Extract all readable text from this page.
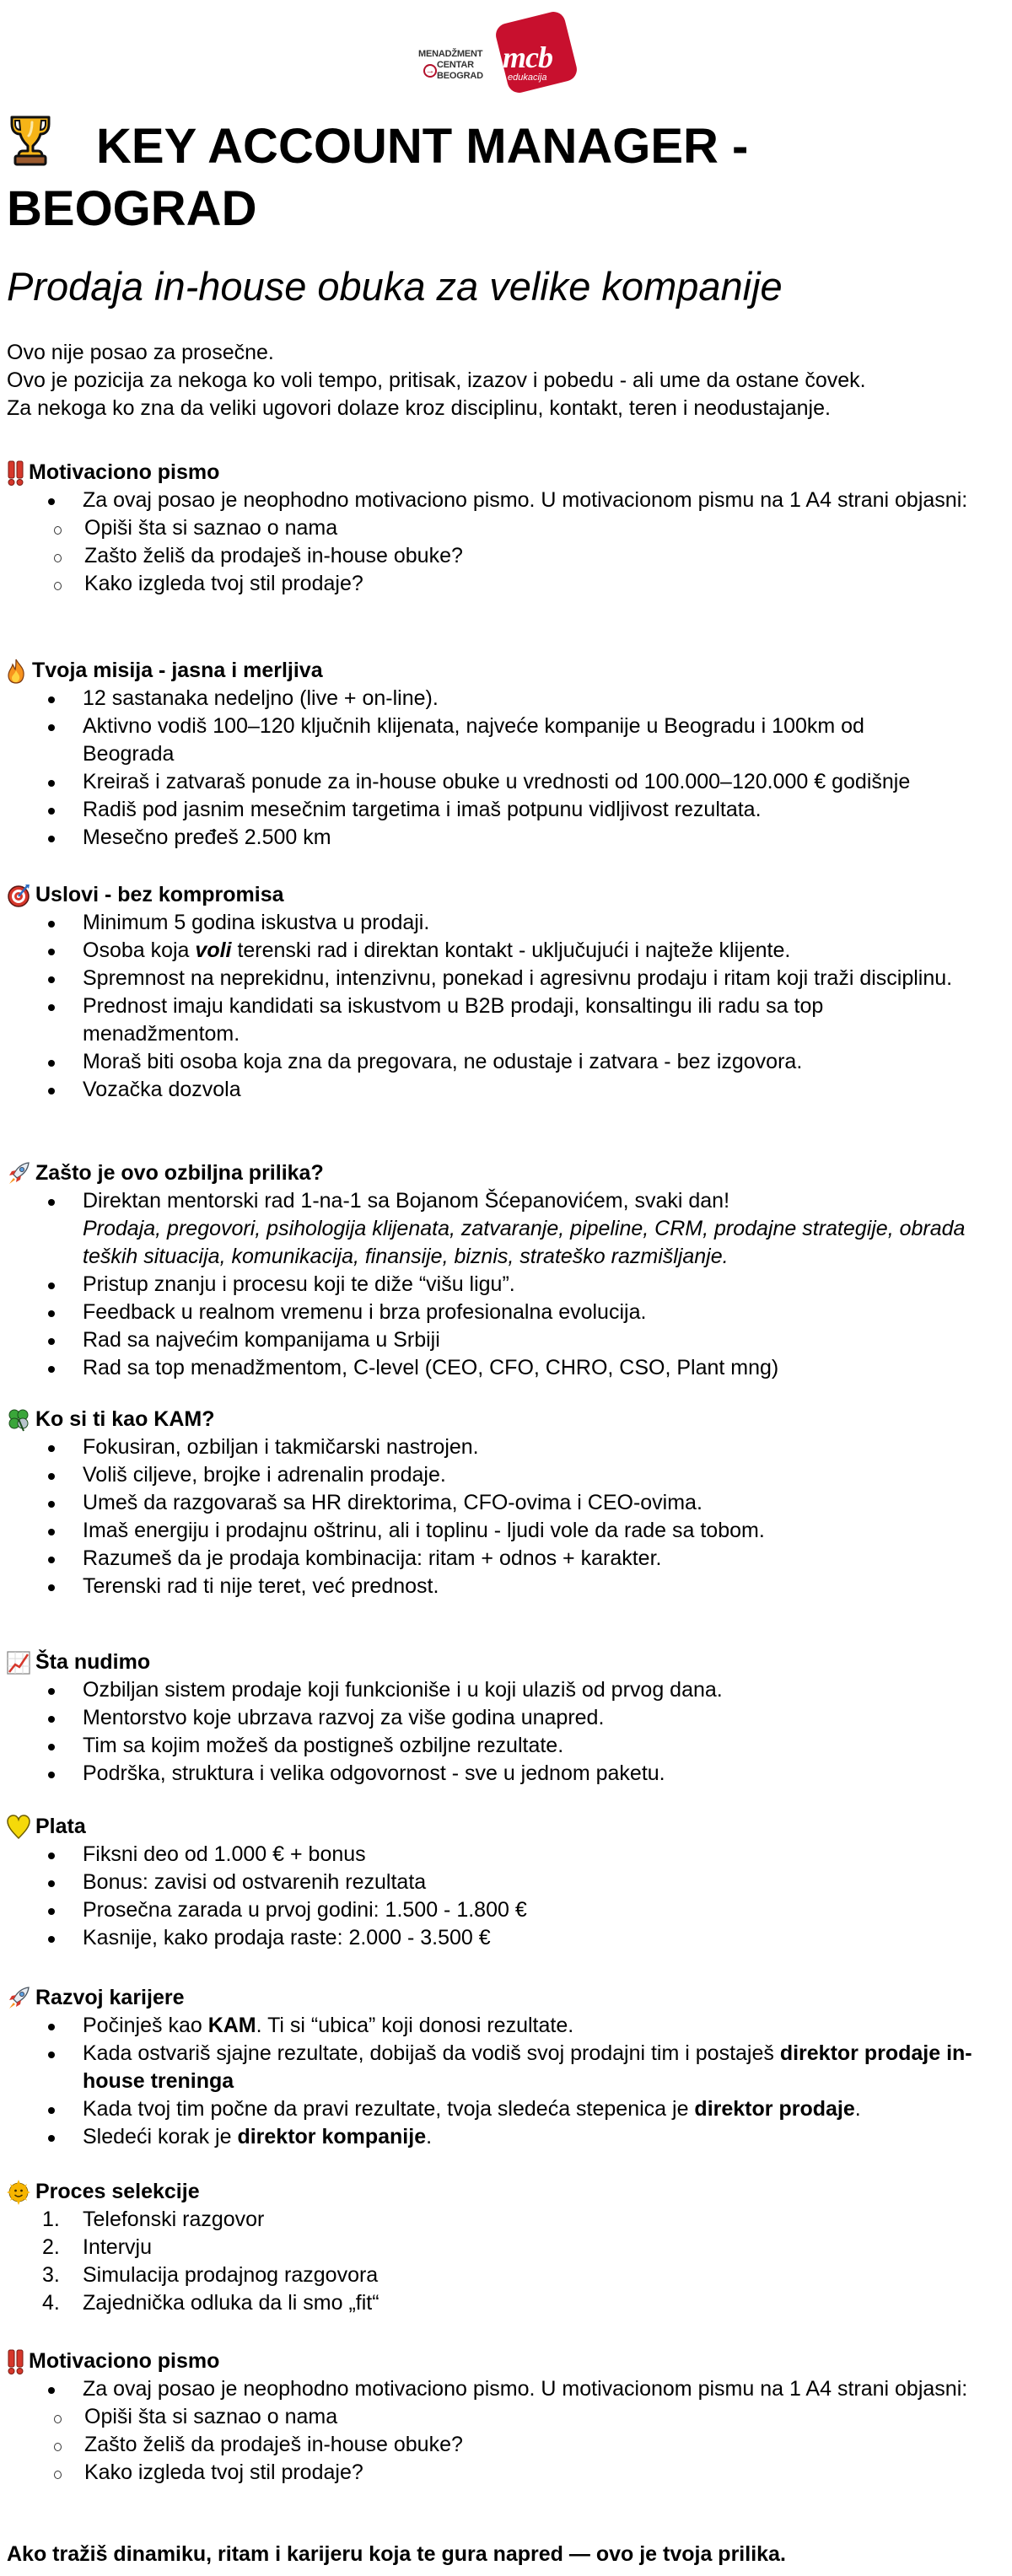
MENADŽMENT
CENTAR
BEOGRAD
→ mcb
edukacija
KEY ACCOUNT MANAGER - BEOGRAD
Prodaja in-house obuka za velike kompanije

Ovo nije posao za prosečne.

Ovo je pozicija za nekoga ko voli tempo, pritisak, izazov i pobedu - ali ume da ostane čovek.

Za nekoga ko zna da veliki ugovori dolaze kroz disciplinu, kontakt, teren i neodustajanje.

Motivaciono pismo
Za ovaj posao je neophodno motivaciono pismo. U motivacionom pismu na 1 A4 strani objasni:
Opiši šta si saznao o nama
Zašto želiš da prodaješ in-house obuke?
Kako izgleda tvoj stil prodaje?
Tvoja misija - jasna i merljiva
12 sastanaka nedeljno (live + on-line).
Aktivno vodiš 100–120 ključnih klijenata, najveće kompanije u Beogradu i 100km od Beograda
Kreiraš i zatvaraš ponude za in-house obuke u vrednosti od 100.000–120.000 € godišnje
Radiš pod jasnim mesečnim targetima i imaš potpunu vidljivost rezultata.
Mesečno pređeš 2.500 km
Uslovi - bez kompromisa
Minimum 5 godina iskustva u prodaji.
Osoba koja voli terenski rad i direktan kontakt - uključujući i najteže klijente.
Spremnost na neprekidnu, intenzivnu, ponekad i agresivnu prodaju i ritam koji traži disciplinu.
Prednost imaju kandidati sa iskustvom u B2B prodaji, konsaltingu ili radu sa top menadžmentom.
Moraš biti osoba koja zna da pregovara, ne odustaje i zatvara - bez izgovora.
Vozačka dozvola
Zašto je ovo ozbiljna prilika?
Direktan mentorski rad 1-na-1 sa Bojanom Šćepanovićem, svaki dan!
Prodaja, pregovori, psihologija klijenata, zatvaranje, pipeline, CRM, prodajne strategije, obrada teških situacija, komunikacija, finansije, biznis, strateško razmišljanje.
Pristup znanju i procesu koji te diže “višu ligu”.
Feedback u realnom vremenu i brza profesionalna evolucija.
Rad sa najvećim kompanijama u Srbiji
Rad sa top menadžmentom, C-level (CEO, CFO, CHRO, CSO, Plant mng)
Ko si ti kao KAM?
Fokusiran, ozbiljan i takmičarski nastrojen.
Voliš ciljeve, brojke i adrenalin prodaje.
Umeš da razgovaraš sa HR direktorima, CFO-ovima i CEO-ovima.
Imaš energiju i prodajnu oštrinu, ali i toplinu - ljudi vole da rade sa tobom.
Razumeš da je prodaja kombinacija: ritam + odnos + karakter.
Terenski rad ti nije teret, već prednost.
Šta nudimo
Ozbiljan sistem prodaje koji funkcioniše i u koji ulaziš od prvog dana.
Mentorstvo koje ubrzava razvoj za više godina unapred.
Tim sa kojim možeš da postigneš ozbiljne rezultate.
Podrška, struktura i velika odgovornost - sve u jednom paketu.
Plata
Fiksni deo od 1.000 € + bonus
Bonus: zavisi od ostvarenih rezultata
Prosečna zarada u prvoj godini: 1.500 - 1.800 €
Kasnije, kako prodaja raste: 2.000 - 3.500 €
Razvoj karijere
Počinješ kao KAM. Ti si “ubica” koji donosi rezultate.
Kada ostvariš sjajne rezultate, dobijaš da vodiš svoj prodajni tim i postaješ direktor prodaje in-house treninga
Kada tvoj tim počne da pravi rezultate, tvoja sledeća stepenica je direktor prodaje.
Sledeći korak je direktor kompanije.
Proces selekcije
1. Telefonski razgovor
2. Intervju
3. Simulacija prodajnog razgovora
4. Zajednička odluka da li smo „fit“
Motivaciono pismo
Za ovaj posao je neophodno motivaciono pismo. U motivacionom pismu na 1 A4 strani objasni:
Opiši šta si saznao o nama
Zašto želiš da prodaješ in-house obuke?
Kako izgleda tvoj stil prodaje?

Ako tražiš dinamiku, ritam i karijeru koja te gura napred — ovo je tvoja prilika.
